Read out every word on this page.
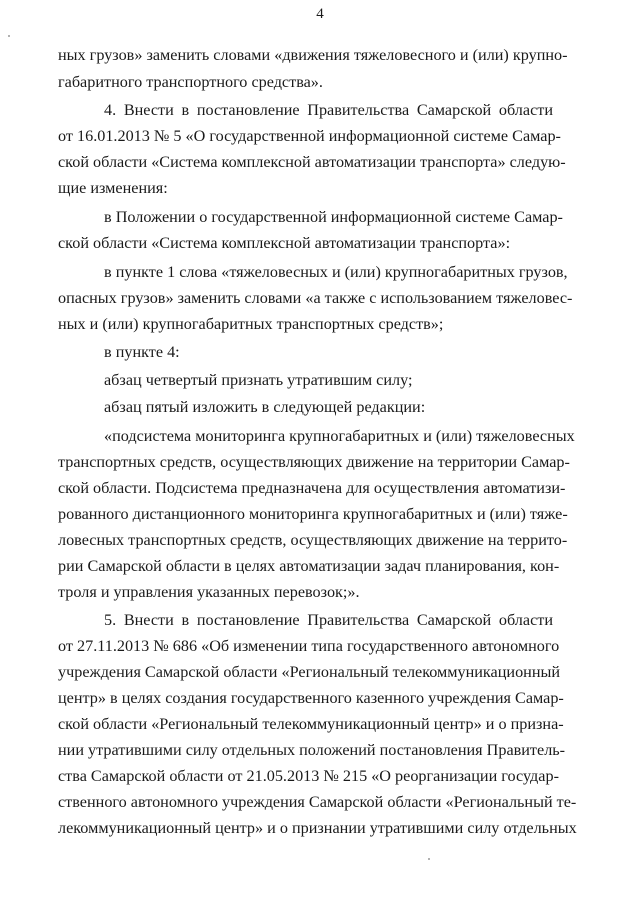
4
ных грузов» заменить словами «движения тяжеловесного и (или) крупно-
габаритного транспортного средства».
4. Внести в постановление Правительства Самарской области
от 16.01.2013 № 5 «О государственной информационной системе Самар-
ской области «Система комплексной автоматизации транспорта» следую-
щие изменения:
в Положении о государственной информационной системе Самар-
ской области «Система комплексной автоматизации транспорта»:
в пункте 1 слова «тяжеловесных и (или) крупногабаритных грузов,
опасных грузов» заменить словами «а также с использованием тяжеловес-
ных и (или) крупногабаритных транспортных средств»;
в пункте 4:
абзац четвертый признать утратившим силу;
абзац пятый изложить в следующей редакции:
«подсистема мониторинга крупногабаритных и (или) тяжеловесных
транспортных средств, осуществляющих движение на территории Самар-
ской области. Подсистема предназначена для осуществления автоматизи-
рованного дистанционного мониторинга крупногабаритных и (или) тяже-
ловесных транспортных средств, осуществляющих движение на террито-
рии Самарской области в целях автоматизации задач планирования, кон-
троля и управления указанных перевозок;».
5. Внести в постановление Правительства Самарской области
от 27.11.2013 № 686 «Об изменении типа государственного автономного
учреждения Самарской области «Региональный телекоммуникационный
центр» в целях создания государственного казенного учреждения Самар-
ской области «Региональный телекоммуникационный центр» и о призна-
нии утратившими силу отдельных положений постановления Правитель-
ства Самарской области от 21.05.2013 № 215 «О реорганизации государ-
ственного автономного учреждения Самарской области «Региональный те-
лекоммуникационный центр» и о признании утратившими силу отдельных
